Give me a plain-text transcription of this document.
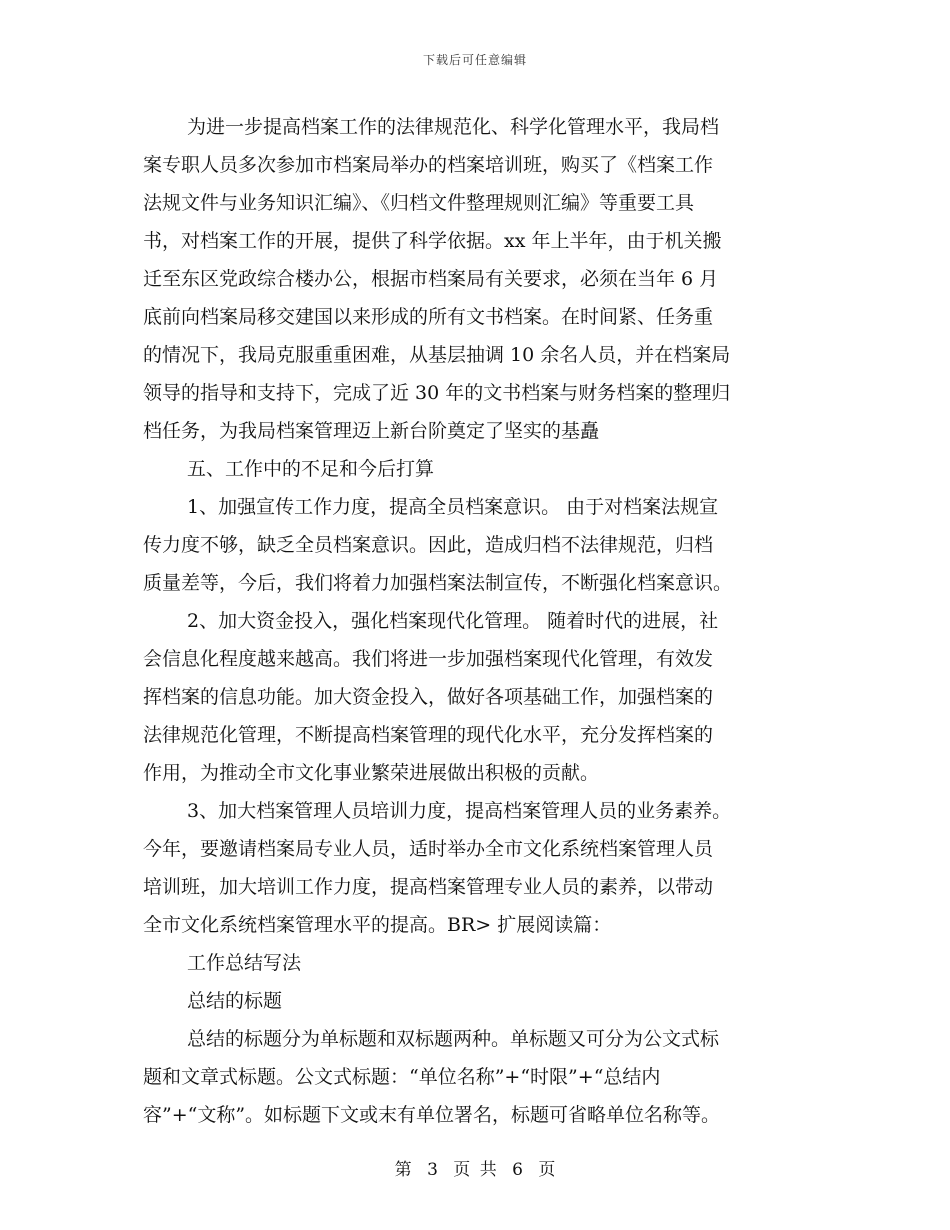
下载后可任意编辑
为进一步提高档案工作的法律规范化、科学化管理水平，我局档
案专职人员多次参加市档案局举办的档案培训班，购买了《档案工作
法规文件与业务知识汇编》、《归档文件整理规则汇编》等重要工具
书，对档案工作的开展，提供了科学依据。xx 年上半年，由于机关搬
迁至东区党政综合楼办公，根据市档案局有关要求，必须在当年 6 月
底前向档案局移交建国以来形成的所有文书档案。在时间紧、任务重
的情况下，我局克服重重困难，从基层抽调 10 余名人员，并在档案局
领导的指导和支持下，完成了近 30 年的文书档案与财务档案的整理归
档任务，为我局档案管理迈上新台阶奠定了坚实的基矗
五、工作中的不足和今后打算
1、加强宣传工作力度，提高全员档案意识。 由于对档案法规宣
传力度不够，缺乏全员档案意识。因此，造成归档不法律规范，归档
质量差等，今后，我们将着力加强档案法制宣传，不断强化档案意识。
2、加大资金投入，强化档案现代化管理。 随着时代的进展，社
会信息化程度越来越高。我们将进一步加强档案现代化管理，有效发
挥档案的信息功能。加大资金投入，做好各项基础工作，加强档案的
法律规范化管理，不断提高档案管理的现代化水平，充分发挥档案的
作用，为推动全市文化事业繁荣进展做出积极的贡献。
3、加大档案管理人员培训力度，提高档案管理人员的业务素养。
今年，要邀请档案局专业人员，适时举办全市文化系统档案管理人员
培训班，加大培训工作力度，提高档案管理专业人员的素养，以带动
全市文化系统档案管理水平的提高。BR> 扩展阅读篇：
工作总结写法
总结的标题
总结的标题分为单标题和双标题两种。单标题又可分为公文式标
题和文章式标题。公文式标题：“单位名称”+“时限”+“总结内
容”+“文称”。如标题下文或末有单位署名，标题可省略单位名称等。
第 3 页 共 6 页
